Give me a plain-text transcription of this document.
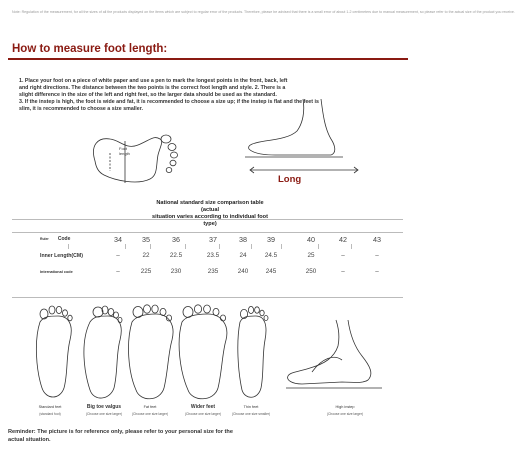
Note: Regulation of the measurement, for all the sizes of all the products displayed on the items which are subject to regular error of the products. Therefore, please be advised that there is a small error of about 1-2 centimeters due to manual measurement, so please refer to the actual size of the product you receive.
How to measure foot length:
1. Place your foot on a piece of white paper and use a pen to mark the longest points in the front, back, left
and right directions. The distance between the two points is the correct foot length and style. 2. There is a
slight difference in the size of the left and right feet, so the larger data should be used as the standard.
3. If the instep is high, the foot is wide and fat, it is recommended to choose a size up; if the instep is flat and the feet is
slim, it is recommended to choose a size smaller.
Foot
length
Long
National standard size comparison table (actual
situation varies according to individual foot type)
Ruler Code	34	35	36	37	38	39	40	42	43
Inner Length(CM)	–	22	22.5	23.5	24	24.5	25	–	–
International code	–	225	230	235	240	245	250	–	–
Standard feet
(standard foot)
Big toe valgus
(Choose one size larger)
Fat feet
(Choose one size larger)
Wider feet
(Choose one size larger)
Thin feet
(Choose one size smaller)
High instep
(Choose one size larger)
Reminder: The picture is for reference only, please refer to your personal size for the
actual situation.
